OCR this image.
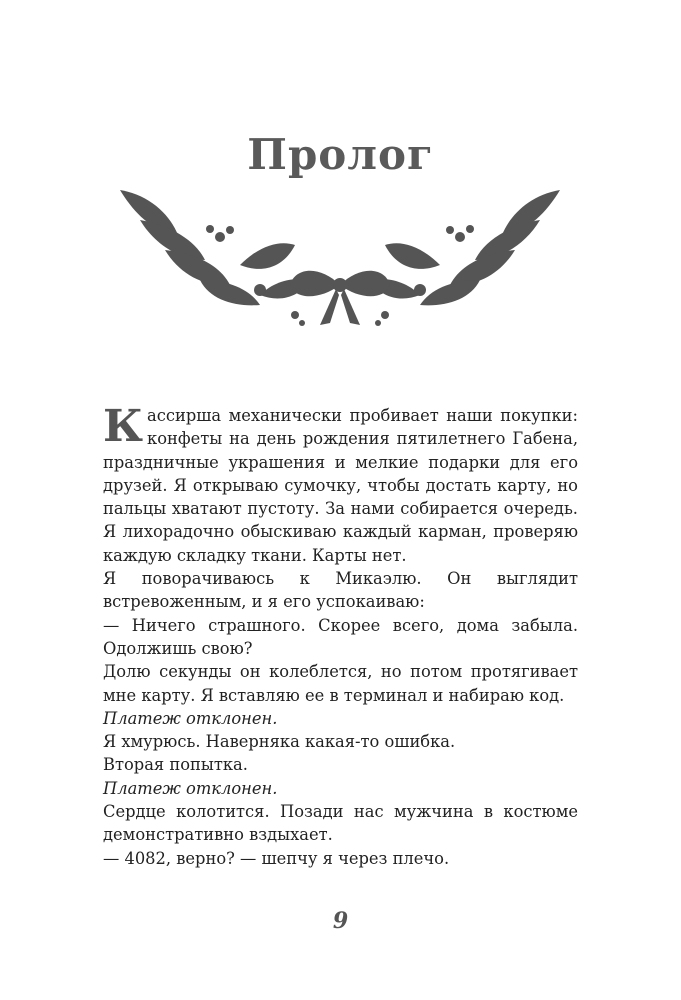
Пролог

Кассирша механически пробивает наши покупки: конфеты на день рождения пятилетнего Габена, праздничные украшения и мелкие подарки для его друзей. Я открываю сумочку, чтобы достать карту, но пальцы хватают пустоту. За нами собирается очередь. Я лихорадочно обыскиваю каждый карман, проверяю каждую складку ткани. Карты нет.

Я поворачиваюсь к Микаэлю. Он выглядит встревоженным, и я его успокаиваю:

— Ничего страшного. Скорее всего, дома забыла. Одолжишь свою?

Долю секунды он колеблется, но потом протягивает мне карту. Я вставляю ее в терминал и набираю код.

Платеж отклонен.

Я хмурюсь. Наверняка какая-то ошибка.

Вторая попытка.

Платеж отклонен.

Сердце колотится. Позади нас мужчина в костюме демонстративно вздыхает.

— 4082, верно? — шепчу я через плечо.

9
